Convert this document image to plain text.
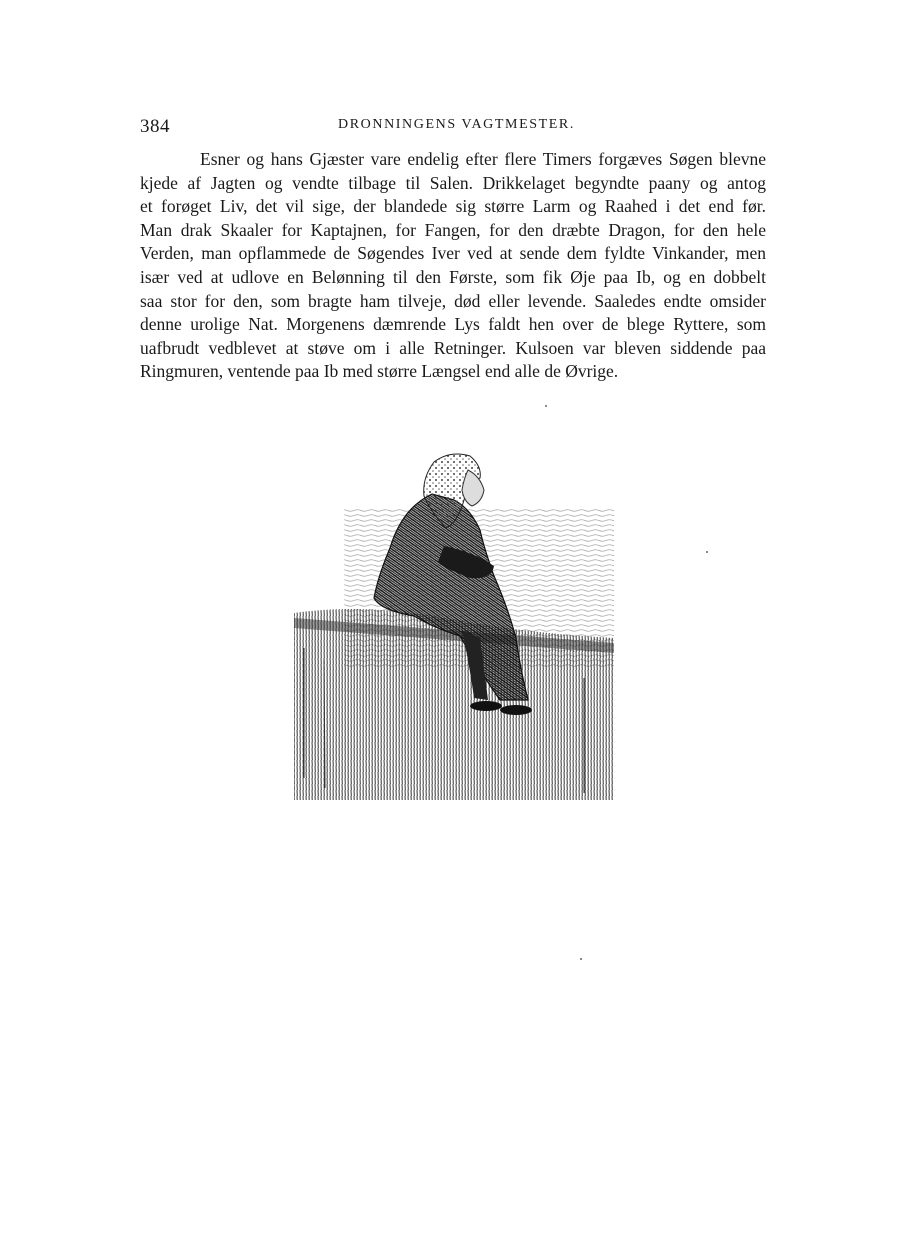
384	DRONNINGENS VAGTMESTER.
Esner og hans Gjæster vare endelig efter flere Timers forgæves Søgen blevne
kjede af Jagten og vendte tilbage til Salen. Drikkelaget begyndte paany og antog
et forøget Liv, det vil sige, der blandede sig større Larm og Raahed i det end før.
Man drak Skaaler for Kaptajnen, for Fangen, for den dræbte Dragon, for den hele
Verden, man opflammede de Søgendes Iver ved at sende dem fyldte Vinkander, men
især ved at udlove en Belønning til den Første, som fik Øje paa Ib, og en dobbelt
saa stor for den, som bragte ham tilveje, død eller levende. Saaledes endte omsider
denne urolige Nat. Morgenens dæmrende Lys faldt hen over de blege Ryttere, som
uafbrudt vedblevet at støve om i alle Retninger. Kulsoen var bleven siddende paa
Ringmuren, ventende paa Ib med større Længsel end alle de Øvrige.
